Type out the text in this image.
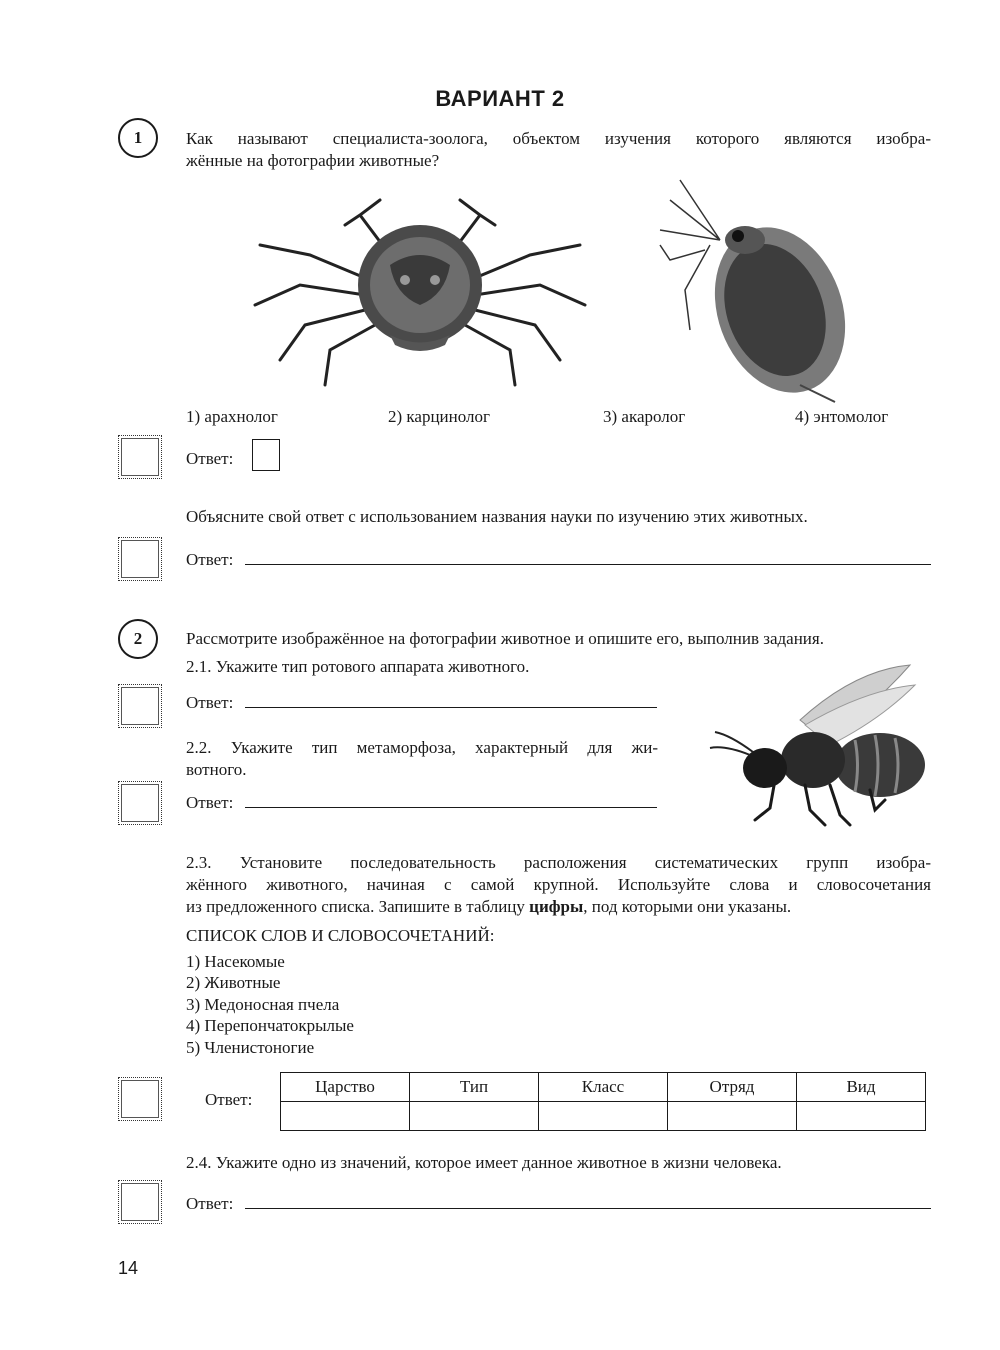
ВАРИАНТ 2
1	Как называют специалиста-зоолога, объектом изучения которого являются изобра-
жённые на фотографии животные?
1) арахнолог	2) карцинолог	3) акаролог	4) энтомолог
Ответ:
Объясните свой ответ с использованием названия науки по изучению этих животных.
Ответ:
2	Рассмотрите изображённое на фотографии животное и опишите его, выполнив задания.
2.1. Укажите тип ротового аппарата животного.
Ответ:
2.2. Укажите тип метаморфоза, характерный для жи-
вотного.
Ответ:
2.3. Установите последовательность расположения систематических групп изобра-
жённого животного, начиная с самой крупной. Используйте слова и словосочетания
из предложенного списка. Запишите в таблицу цифры, под которыми они указаны.
СПИСОК СЛОВ И СЛОВОСОЧЕТАНИЙ:
1) Насекомые
2) Животные
3) Медоносная пчела
4) Перепончатокрылые
5) Членистоногие
Ответ:
Царство	Тип	Класс	Отряд	Вид

2.4. Укажите одно из значений, которое имеет данное животное в жизни человека.
Ответ:
14
